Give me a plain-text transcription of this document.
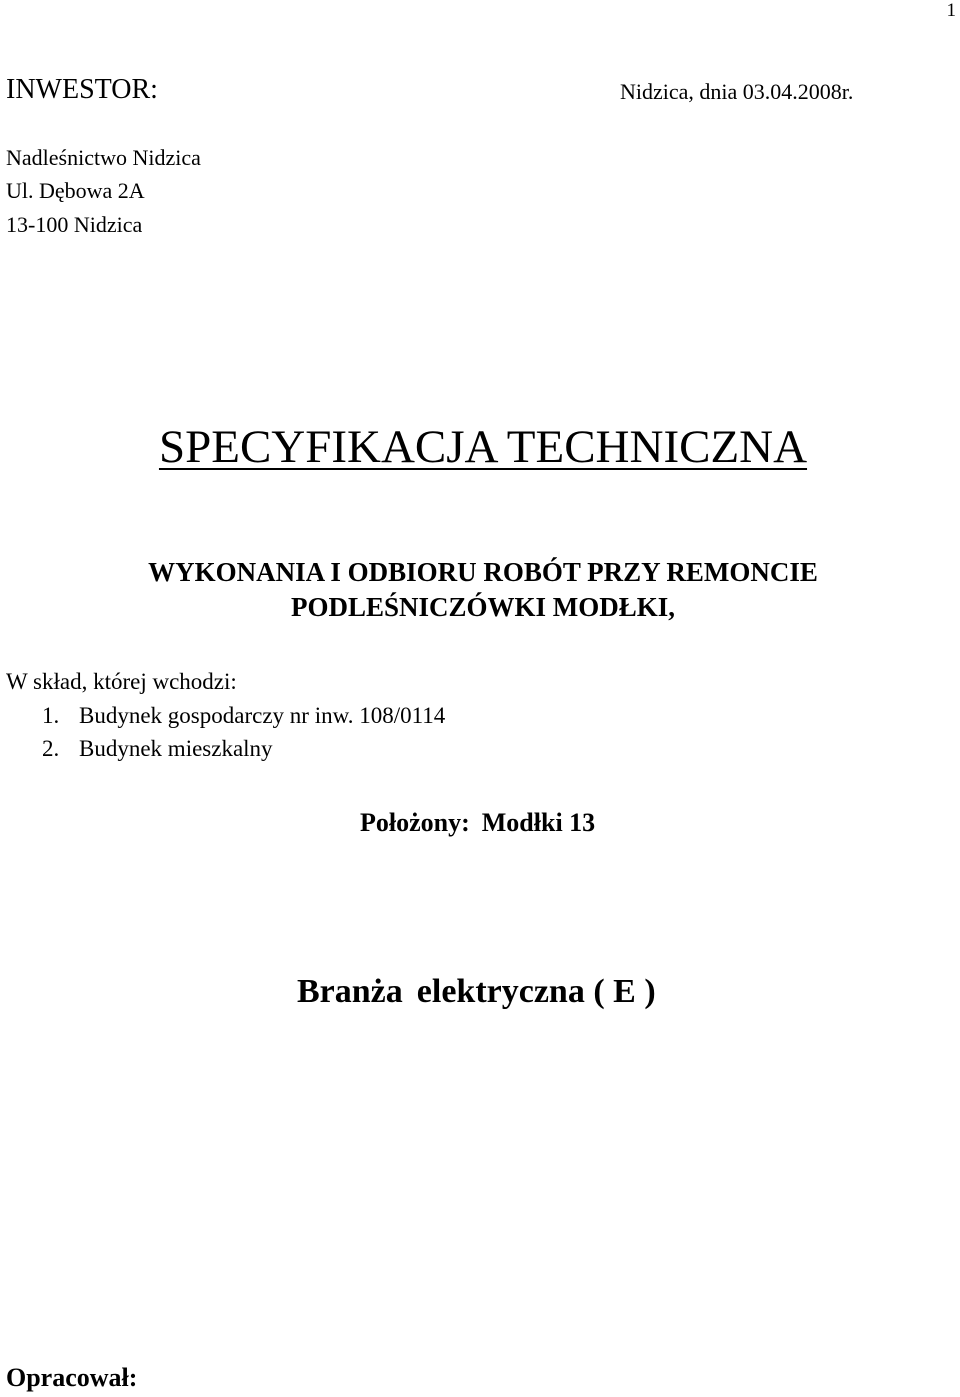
1
INWESTOR:	Nidzica, dnia 03.04.2008r.
Nadleśnictwo Nidzica
Ul. Dębowa 2A
13-100 Nidzica
SPECYFIKACJA TECHNICZNA
WYKONANIA I ODBIORU ROBÓT PRZY REMONCIE
PODLEŚNICZÓWKI MODŁKI,
W skład, której wchodzi:
1. Budynek gospodarczy nr inw. 108/0114
2. Budynek mieszkalny
Położony: Modłki 13
Branża elektryczna ( E )
Opracował:
